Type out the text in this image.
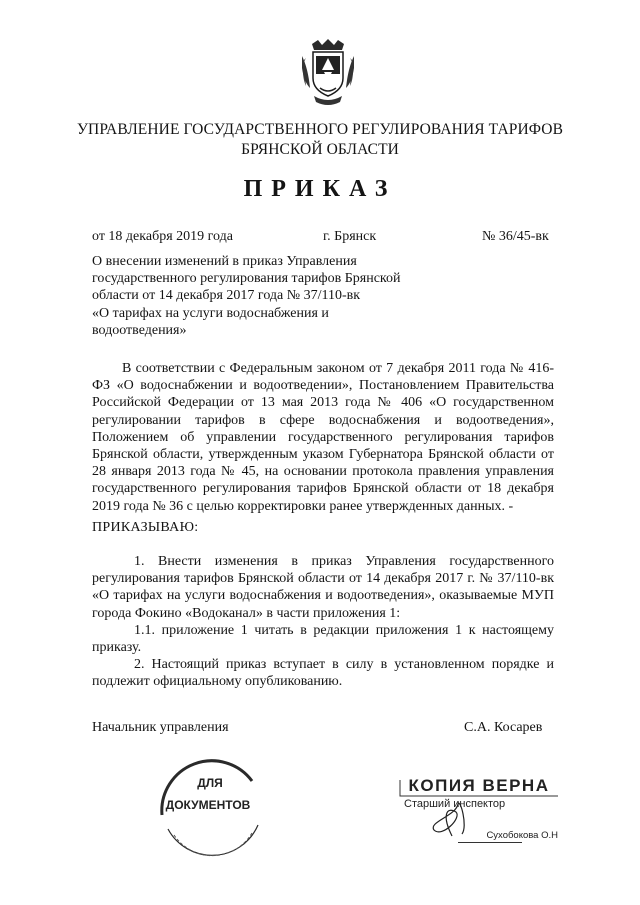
УПРАВЛЕНИЕ ГОСУДАРСТВЕННОГО РЕГУЛИРОВАНИЯ ТАРИФОВ
БРЯНСКОЙ ОБЛАСТИ
ПРИКАЗ
от 18 декабря 2019 года	г. Брянск	№ 36/45-вк
О внесении изменений в приказ Управления
государственного регулирования тарифов Брянской
области от 14 декабря 2017 года № 37/110-вк
«О тарифах на услуги водоснабжения и
водоотведения»
В соответствии с Федеральным законом от 7 декабря 2011 года № 416-ФЗ «О водоснабжении и водоотведении», Постановлением Правительства Российской Федерации от 13 мая 2013 года № 406 «О государственном регулировании тарифов в сфере водоснабжения и водоотведения», Положением об управлении государственного регулирования тарифов Брянской области, утвержденным указом Губернатора Брянской области от 28 января 2013 года № 45, на основании протокола правления управления государственного регулирования тарифов Брянской области от 18 декабря 2019 года № 36 с целью корректировки ранее утвержденных данных. -
ПРИКАЗЫВАЮ:
1. Внести изменения в приказ Управления государственного регулирования тарифов Брянской области от 14 декабря 2017 г. № 37/110-вк «О тарифах на услуги водоснабжения и водоотведения», оказываемые МУП города Фокино «Водоканал» в части приложения 1:
1.1. приложение 1 читать в редакции приложения 1 к настоящему приказу.
2. Настоящий приказ вступает в силу в установленном порядке и подлежит официальному опубликованию.
Начальник управления	С.А. Косарев
ДЛЯ
ДОКУМЕНТОВ
КОПИЯ ВЕРНА
Старший инспектор
Сухобокова О.Н
